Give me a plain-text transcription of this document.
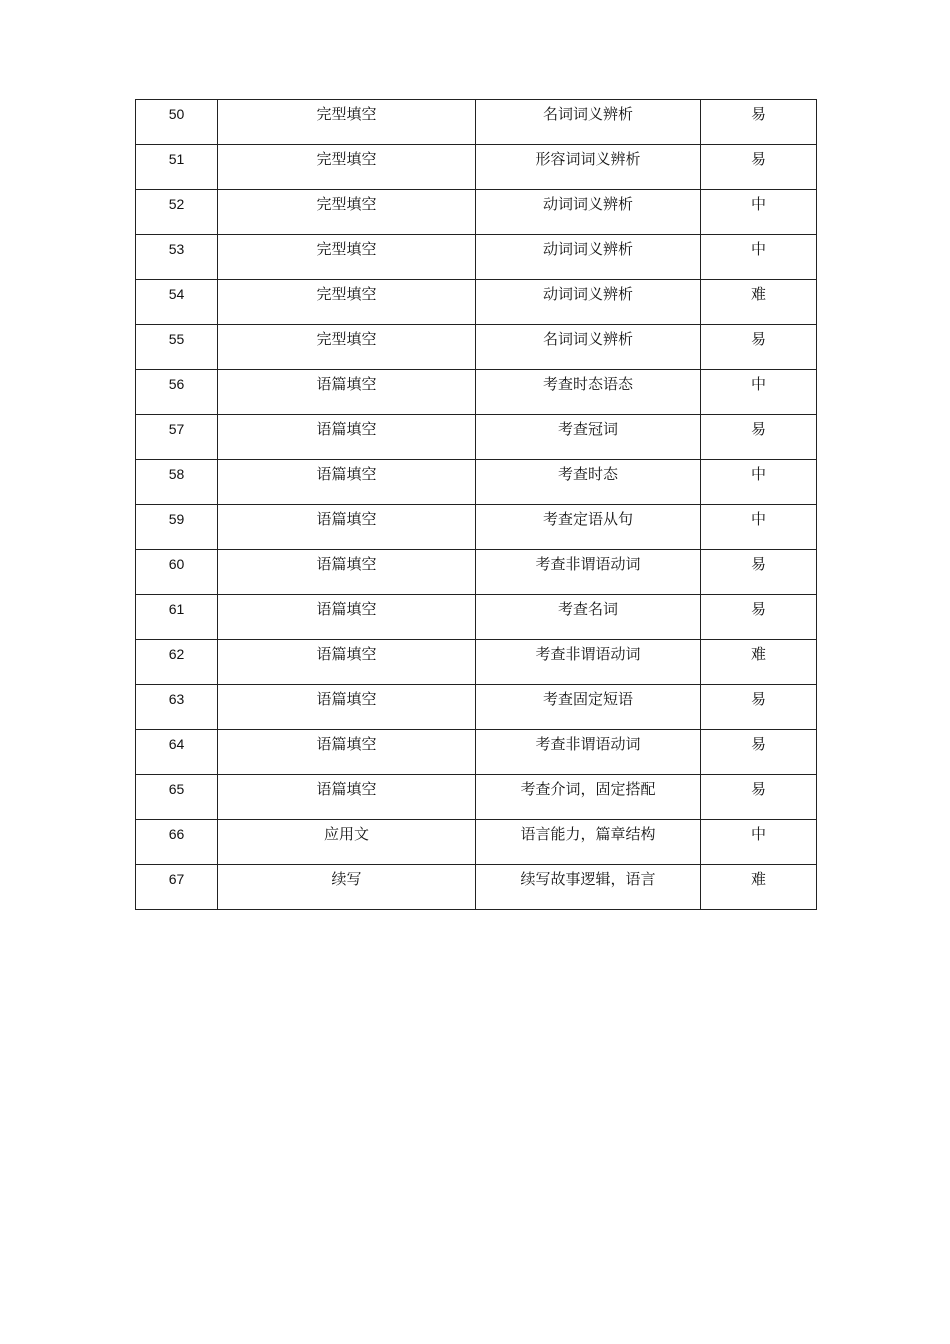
50	完型填空	名词词义辨析	易
51	完型填空	形容词词义辨析	易
52	完型填空	动词词义辨析	中
53	完型填空	动词词义辨析	中
54	完型填空	动词词义辨析	难
55	完型填空	名词词义辨析	易
56	语篇填空	考查时态语态	中
57	语篇填空	考查冠词	易
58	语篇填空	考查时态	中
59	语篇填空	考查定语从句	中
60	语篇填空	考查非谓语动词	易
61	语篇填空	考查名词	易
62	语篇填空	考查非谓语动词	难
63	语篇填空	考查固定短语	易
64	语篇填空	考查非谓语动词	易
65	语篇填空	考查介词，固定搭配	易
66	应用文	语言能力，篇章结构	中
67	续写	续写故事逻辑，语言	难
